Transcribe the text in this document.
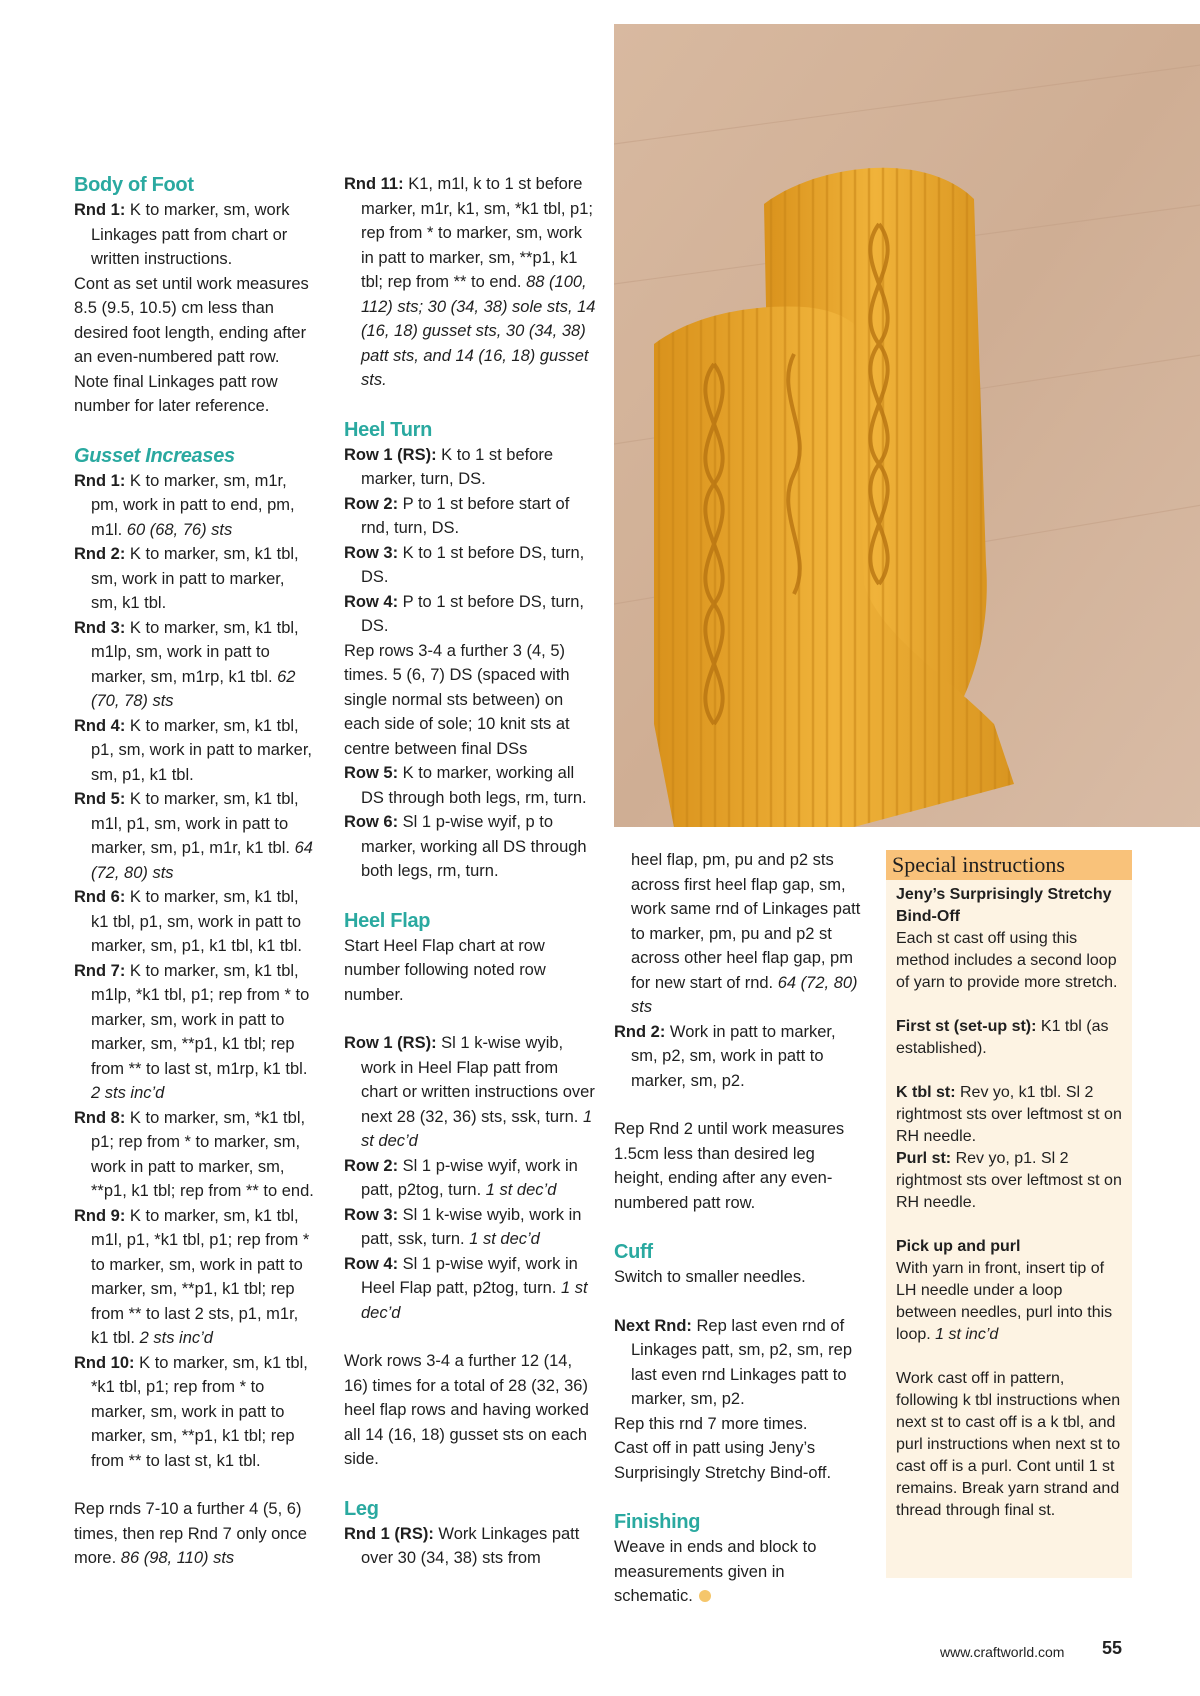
Body of Foot

Rnd 1: K to marker, sm, work Linkages patt from chart or written instructions.

Cont as set until work measures 8.5 (9.5, 10.5) cm less than desired foot length, ending after an even-numbered patt row. Note final Linkages patt row number for later reference.

Gusset Increases

Rnd 1: K to marker, sm, m1r, pm, work in patt to end, pm, m1l. 60 (68, 76) sts

Rnd 2: K to marker, sm, k1 tbl, sm, work in patt to marker, sm, k1 tbl.

Rnd 3: K to marker, sm, k1 tbl, m1lp, sm, work in patt to marker, sm, m1rp, k1 tbl. 62 (70, 78) sts

Rnd 4: K to marker, sm, k1 tbl, p1, sm, work in patt to marker, sm, p1, k1 tbl.

Rnd 5: K to marker, sm, k1 tbl, m1l, p1, sm, work in patt to marker, sm, p1, m1r, k1 tbl. 64 (72, 80) sts

Rnd 6: K to marker, sm, k1 tbl, k1 tbl, p1, sm, work in patt to marker, sm, p1, k1 tbl, k1 tbl.

Rnd 7: K to marker, sm, k1 tbl, m1lp, *k1 tbl, p1; rep from * to marker, sm, work in patt to marker, sm, **p1, k1 tbl; rep from ** to last st, m1rp, k1 tbl. 2 sts inc’d

Rnd 8: K to marker, sm, *k1 tbl, p1; rep from * to marker, sm, work in patt to marker, sm, **p1, k1 tbl; rep from ** to end.

Rnd 9: K to marker, sm, k1 tbl, m1l, p1, *k1 tbl, p1; rep from * to marker, sm, work in patt to marker, sm, **p1, k1 tbl; rep from ** to last 2 sts, p1, m1r, k1 tbl. 2 sts inc’d

Rnd 10: K to marker, sm, k1 tbl, *k1 tbl, p1; rep from * to marker, sm, work in patt to marker, sm, **p1, k1 tbl; rep from ** to last st, k1 tbl.

Rep rnds 7-10 a further 4 (5, 6) times, then rep Rnd 7 only once more. 86 (98, 110) sts

Rnd 11: K1, m1l, k to 1 st before marker, m1r, k1, sm, *k1 tbl, p1; rep from * to marker, sm, work in patt to marker, sm, **p1, k1 tbl; rep from ** to end. 88 (100, 112) sts; 30 (34, 38) sole sts, 14 (16, 18) gusset sts, 30 (34, 38) patt sts, and 14 (16, 18) gusset sts.

Heel Turn

Row 1 (RS): K to 1 st before marker, turn, DS.

Row 2: P to 1 st before start of rnd, turn, DS.

Row 3: K to 1 st before DS, turn, DS.

Row 4: P to 1 st before DS, turn, DS.

Rep rows 3-4 a further 3 (4, 5) times. 5 (6, 7) DS (spaced with single normal sts between) on each side of sole; 10 knit sts at centre between final DSs

Row 5: K to marker, working all DS through both legs, rm, turn.

Row 6: Sl 1 p-wise wyif, p to marker, working all DS through both legs, rm, turn.

Heel Flap

Start Heel Flap chart at row number following noted row number.

Row 1 (RS): Sl 1 k-wise wyib, work in Heel Flap patt from chart or written instructions over next 28 (32, 36) sts, ssk, turn. 1 st dec’d

Row 2: Sl 1 p-wise wyif, work in patt, p2tog, turn. 1 st dec’d

Row 3: Sl 1 k-wise wyib, work in patt, ssk, turn. 1 st dec’d

Row 4: Sl 1 p-wise wyif, work in Heel Flap patt, p2tog, turn. 1 st dec’d

Work rows 3-4 a further 12 (14, 16) times for a total of 28 (32, 36) heel flap rows and having worked all 14 (16, 18) gusset sts on each side.

Leg

Rnd 1 (RS): Work Linkages patt over 30 (34, 38) sts from

heel flap, pm, pu and p2 sts across first heel flap gap, sm, work same rnd of Linkages patt to marker, pm, pu and p2 st across other heel flap gap, pm for new start of rnd. 64 (72, 80) sts

Rnd 2: Work in patt to marker, sm, p2, sm, work in patt to marker, sm, p2.

Rep Rnd 2 until work measures 1.5cm less than desired leg height, ending after any even-numbered patt row.

Cuff

Switch to smaller needles.

Next Rnd: Rep last even rnd of Linkages patt, sm, p2, sm, rep last even rnd Linkages patt to marker, sm, p2.

Rep this rnd 7 more times.

Cast off in patt using Jeny’s Surprisingly Stretchy Bind-off.

Finishing

Weave in ends and block to measurements given in schematic.

Special instructions

Jeny’s Surprisingly Stretchy Bind-Off

Each st cast off using this method includes a second loop of yarn to provide more stretch.

First st (set-up st): K1 tbl (as established).

K tbl st: Rev yo, k1 tbl. Sl 2 rightmost sts over leftmost st on RH needle.

Purl st: Rev yo, p1. Sl 2 rightmost sts over leftmost st on RH needle.

Pick up and purl

With yarn in front, insert tip of LH needle under a loop between needles, purl into this loop. 1 st inc’d

Work cast off in pattern, following k tbl instructions when next st to cast off is a k tbl, and purl instructions when next st to cast off is a purl. Cont until 1 st remains. Break yarn strand and thread through final st.

www.craftworld.com 55
